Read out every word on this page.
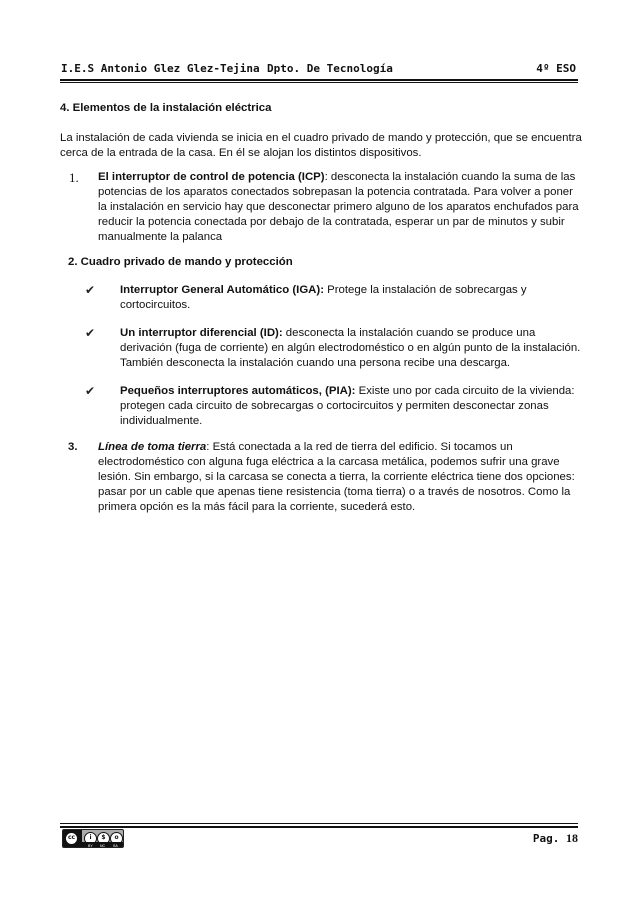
I.E.S Antonio Glez Glez-Tejina Dpto. De Tecnología	4º ESO
4. Elementos de la instalación eléctrica

La instalación de cada vivienda se inicia en el cuadro privado de mando y protección, que se encuentra cerca de la entrada de la casa. En él se alojan los distintos dispositivos.

1. El interruptor de control de potencia (ICP): desconecta la instalación cuando la suma de las potencias de los aparatos conectados sobrepasan la potencia contratada. Para volver a poner la instalación en servicio hay que desconectar primero alguno de los aparatos enchufados para reducir la potencia conectada por debajo de la contratada, esperar un par de minutos y subir manualmente la palanca
2. Cuadro privado de mando y protección
✔ Interruptor General Automático (IGA): Protege la instalación de sobrecargas y cortocircuitos.
✔ Un interruptor diferencial (ID): desconecta la instalación cuando se produce una derivación (fuga de corriente) en algún electrodoméstico o en algún punto de la instalación. También desconecta la instalación cuando una persona recibe una descarga.
✔ Pequeños interruptores automáticos, (PIA): Existe uno por cada circuito de la vivienda: protegen cada circuito de sobrecargas o cortocircuitos y permiten desconectar zonas individualmente.
3. Línea de toma tierra: Está conectada a la red de tierra del edificio. Si tocamos un electrodoméstico con alguna fuga eléctrica a la carcasa metálica, podemos sufrir una grave lesión. Sin embargo, si la carcasa se conecta a tierra, la corriente eléctrica tiene dos opciones: pasar por un cable que apenas tiene resistencia (toma tierra) o a través de nosotros. Como la primera opción es la más fácil para la corriente, sucederá esto.
cc	i	$	o
BY NC SA
Pag. 18
